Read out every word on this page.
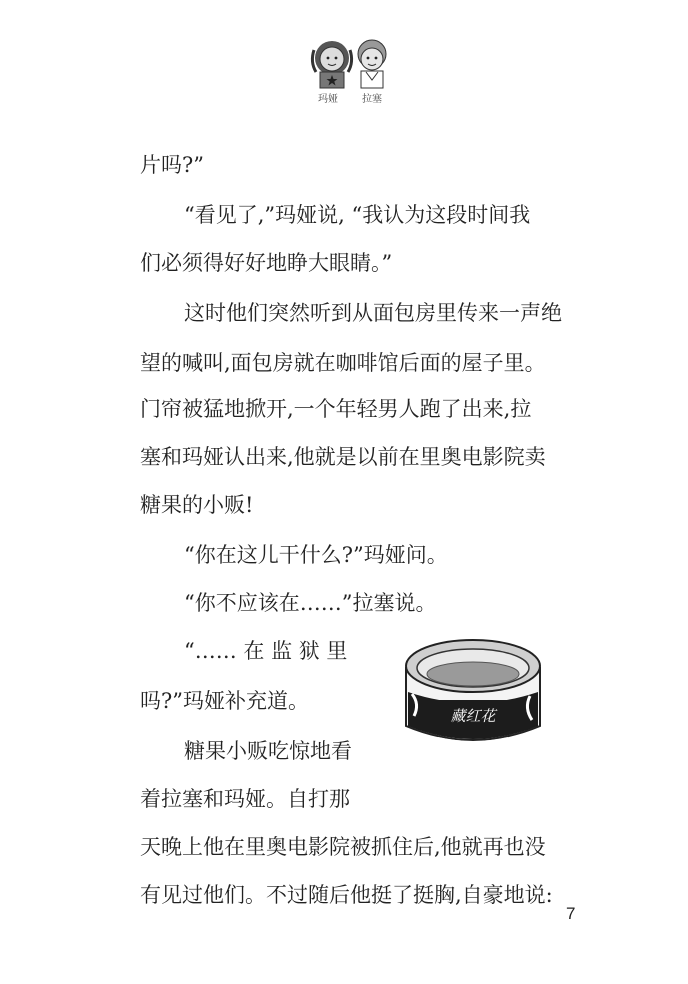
玛娅 拉塞
片吗?”
“看见了,”玛娅说, “我认为这段时间我
们必须得好好地睁大眼睛。”
这时他们突然听到从面包房里传来一声绝
望的喊叫,面包房就在咖啡馆后面的屋子里。
门帘被猛地掀开,一个年轻男人跑了出来,拉
塞和玛娅认出来,他就是以前在里奥电影院卖
糖果的小贩!
“你在这儿干什么?”玛娅问。
“你不应该在……”拉塞说。
“…… 在 监 狱 里
吗?”玛娅补充道。
糖果小贩吃惊地看
着拉塞和玛娅。自打那
天晚上他在里奥电影院被抓住后,他就再也没
有见过他们。不过随后他挺了挺胸,自豪地说:
藏红花
7
